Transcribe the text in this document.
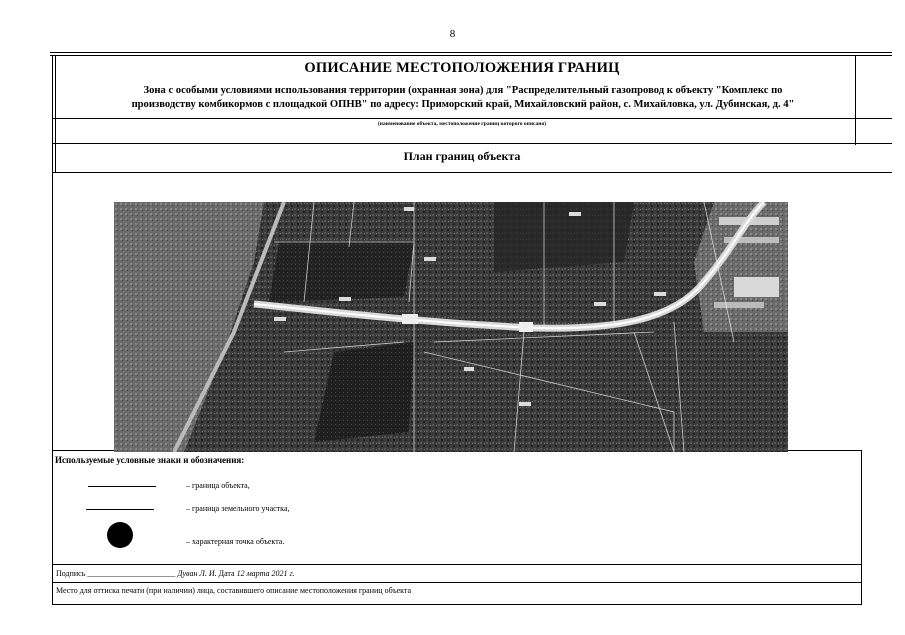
8
ОПИСАНИЕ МЕСТОПОЛОЖЕНИЯ ГРАНИЦ
Зона с особыми условиями использования территории (охранная зона) для "Распределительный газопровод к объекту "Комплекс по
производству комбикормов с площадкой ОПНВ" по адресу: Приморский край, Михайловский район, с. Михайловка, ул. Дубинская, д. 4"
(наименование объекта, местоположение границ которого описано)
План границ объекта
Используемые условные знаки и обозначения:
– граница объекта,
– граница земельного участка,
– характерная точка объекта.
Подпись ______________________ Дуван Л. И. Дата 12 марта 2021 г.
Место для оттиска печати (при наличии) лица, составившего описание местоположения границ объекта
